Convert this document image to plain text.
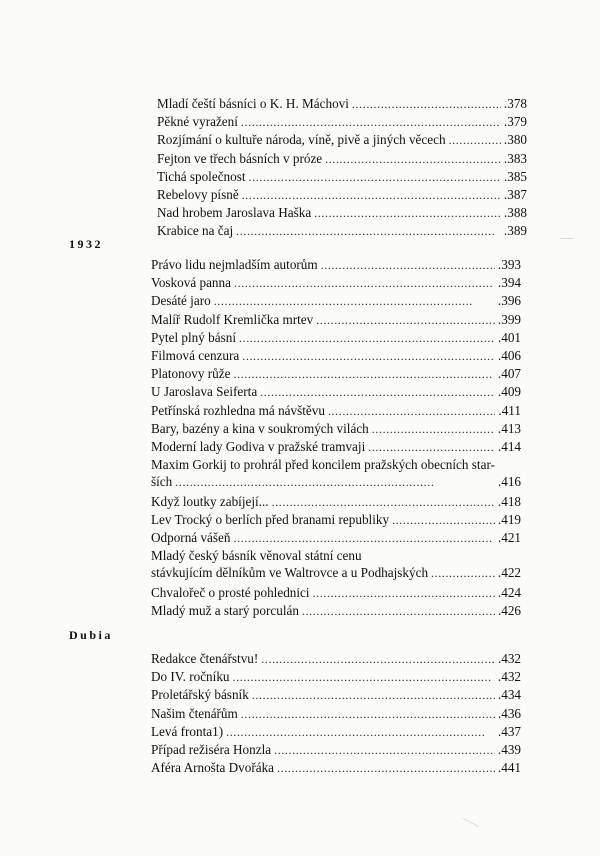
Mladí čeští básníci o K. H. Máchovi . . .	.378
Pěkné vyražení . . .	.379
Rozjímání o kultuře národa, víně, pivě a jiných věcech . . .	.380
Fejton ve třech básních v próze . . .	.383
Tichá společnost . . .	.385
Rebelovy písně . . .	.387
Nad hrobem Jaroslava Haška . . .	.388
Krabice na čaj . . .	.389
1932
Právo lidu nejmladším autorům . . .	.393
Vosková panna . . .	.394
Desáté jaro . . .	.396
Malíř Rudolf Kremlička mrtev . . .	.399
Pytel plný básní . . .	.401
Filmová cenzura . . .	.406
Platonovy růže . . .	.407
U Jaroslava Seiferta . . .	.409
Petřínská rozhledna má návštěvu . . .	.411
Bary, bazény a kina v soukromých vilách . . .	.413
Moderní lady Godiva v pražské tramvaji . . .	.414
Maxim Gorkij to prohrál před koncilem pražských obecních star-
ších . . .	.416
Když loutky zabíjejí... . . .	.418
Lev Trocký o berlích před branami republiky . . .	.419
Odporná vášeň . . .	.421
Mladý český básník věnoval státní cenu
stávkujícím dělníkům ve Waltrovce a u Podhajských . . .	.422
Chvalořeč o prosté pohlednici . . .	.424
Mladý muž a starý porculán . . .	.426
Dubia
Redakce čtenářstvu! . . .	.432
Do IV. ročníku . . .	.432
Proletářský básník . . .	.434
Našim čtenářům . . .	.436
Levá fronta1) . . .	.437
Případ režiséra Honzla . . .	.439
Aféra Arnošta Dvořáka . . .	.441
